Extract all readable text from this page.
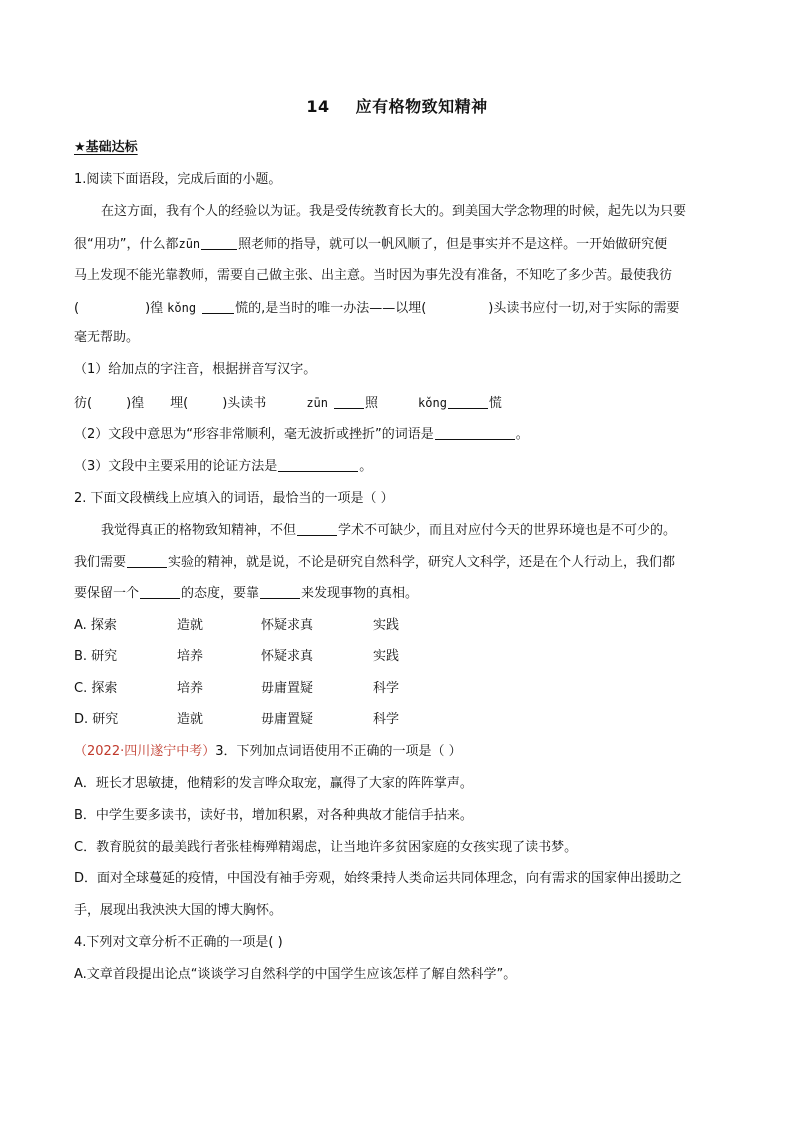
14 应有格物致知精神
★基础达标
1.阅读下面语段，完成后面的小题。
在这方面，我有个人的经验以为证。我是受传统教育长大的。到美国大学念物理的时候，起先以为只要
很“用功”，什么都zūn	照老师的指导，就可以一帆风顺了，但是事实并不是这样。一开始做研究便
马上发现不能光靠教师，需要自己做主张、出主意。当时因为事先没有准备，不知吃了多少苦。最使我彷
(	)徨 kǒng	慌的,是当时的唯一办法——以埋(	)头读书应付一切,对于实际的需要
毫无帮助。
（1）给加点的字注音，根据拼音写汉字。
彷(	)徨 埋(	)头读书	zūn	照	kǒng	慌
（2）文段中意思为“形容非常顺利，毫无波折或挫折”的词语是	。
（3）文段中主要采用的论证方法是	。
2. 下面文段横线上应填入的词语，最恰当的一项是（ ）
我觉得真正的格物致知精神，不但	学术不可缺少，而且对应付今天的世界环境也是不可少的。
我们需要	实验的精神，就是说，不论是研究自然科学，研究人文科学，还是在个人行动上，我们都
要保留一个	的态度，要靠	来发现事物的真相。
A. 探索	造就	怀疑求真	实践
B. 研究	培养	怀疑求真	实践
C. 探索	培养	毋庸置疑	科学
D. 研究	造就	毋庸置疑	科学
（2022·四川遂宁中考）3．下列加点词语使用不正确的一项是（ ）
A．班长才思敏捷，他精彩的发言哗众取宠，赢得了大家的阵阵掌声。
B．中学生要多读书，读好书，增加积累，对各种典故才能信手拈来。
C．教育脱贫的最美践行者张桂梅殚精竭虑，让当地许多贫困家庭的女孩实现了读书梦。
D．面对全球蔓延的疫情，中国没有袖手旁观，始终秉持人类命运共同体理念，向有需求的国家伸出援助之
手，展现出我泱泱大国的博大胸怀。
4.下列对文章分析不正确的一项是( )
A.文章首段提出论点“谈谈学习自然科学的中国学生应该怎样了解自然科学”。
